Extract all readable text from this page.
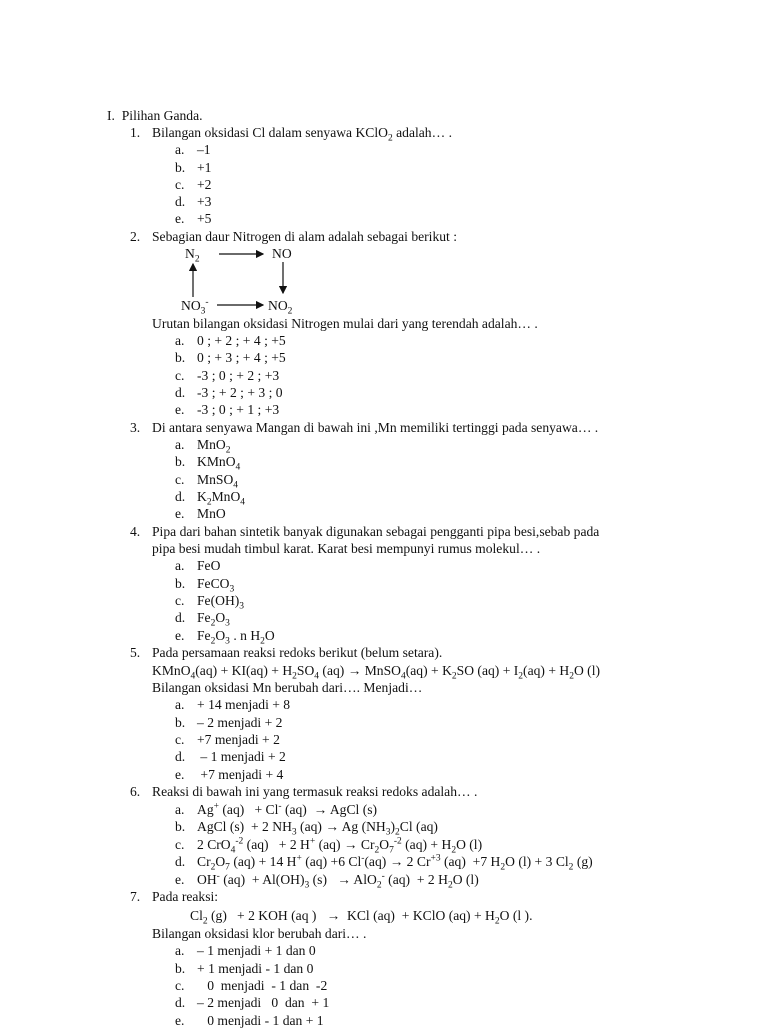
I. Pilihan Ganda.
1. Bilangan oksidasi Cl dalam senyawa KClO$_2$ adalah… .
a. –1
b. +1
c. +2
d. +3
e. +5
2. Sebagian daur Nitrogen di alam adalah sebagai berikut :
$N_2$	NO
$NO_3^-$	$NO_2$
Urutan bilangan oksidasi Nitrogen mulai dari yang terendah adalah… .
a. 0 ; + 2 ; + 4 ; +5
b. 0 ; + 3 ; + 4 ; +5
c. -3 ; 0 ; + 2 ; +3
d. -3 ; + 2 ; + 3 ; 0
e. -3 ; 0 ; + 1 ; +3
3. Di antara senyawa Mangan di bawah ini ,Mn memiliki tertinggi pada senyawa… .
a. MnO$_2$
b. KMnO$_4$
c. MnSO$_4$
d. $K_2MnO_4$
e. MnO
4. Pipa dari bahan sintetik banyak digunakan sebagai pengganti pipa besi,sebab pada
pipa besi mudah timbul karat. Karat besi mempunyi rumus molekul… .
a. FeO
b. FeCO$_3$
c. $Fe(OH)_3$
d. $Fe_2O_3$
e. $Fe_2O_3$ . n $H_2O$
5. Pada persamaan reaksi redoks berikut (belum setara).
KMnO$_4$(aq) + $KI(aq) + H_2SO_4$ (aq) → MnSO$_4$(aq) + $K_2SO$ $(aq) + I_2(aq) + H_2O$ (l)
Bilangan oksidasi Mn berubah dari…. Menjadi…
a. + 14 menjadi + 8
b. – 2 menjadi + 2
c. +7 menjadi + 2
d. – 1 menjadi + 2
e. +7 menjadi + 4
6. Reaksi di bawah ini yang termasuk reaksi redoks adalah… .
a. Ag+ (aq)   + Cl- (aq)  → AgCl (s)
b. AgCl (s)  + 2 $NH_3$ (aq) → Ag $(NH_3)_2Cl$ (aq)
c. 2 CrO$_4^{-2}$ (aq)   + 2 H+ $(aq) \to Cr_2O_7^{-2}$ $(aq) + H_2O$ (l)
d. $Cr_2O_7$ (aq) + 14 H+ (aq) +6 Cl-(aq) → 2 $Cr^{+3}$ (aq)  +7 $H_2O$ (l) + 3 $Cl_2$ (g)
e. OH- $(aq) + Al(OH)_3$ (s)   → AlO$_2$- (aq)  + 2 $H_2O$ (l)
7. Pada reaksi:
$Cl_2$ (g)   + 2 KOH (aq )   →  KCl (aq)  + KClO $(aq) + H_2O$ (l ).
Bilangan oksidasi klor berubah dari… .
a. – 1 menjadi + 1 dan 0
b. + 1 menjadi - 1 dan 0
c.   0  menjadi  - 1 dan  -2
d. – 2 menjadi   0  dan  + 1
e.   0 menjadi - 1 dan + 1
